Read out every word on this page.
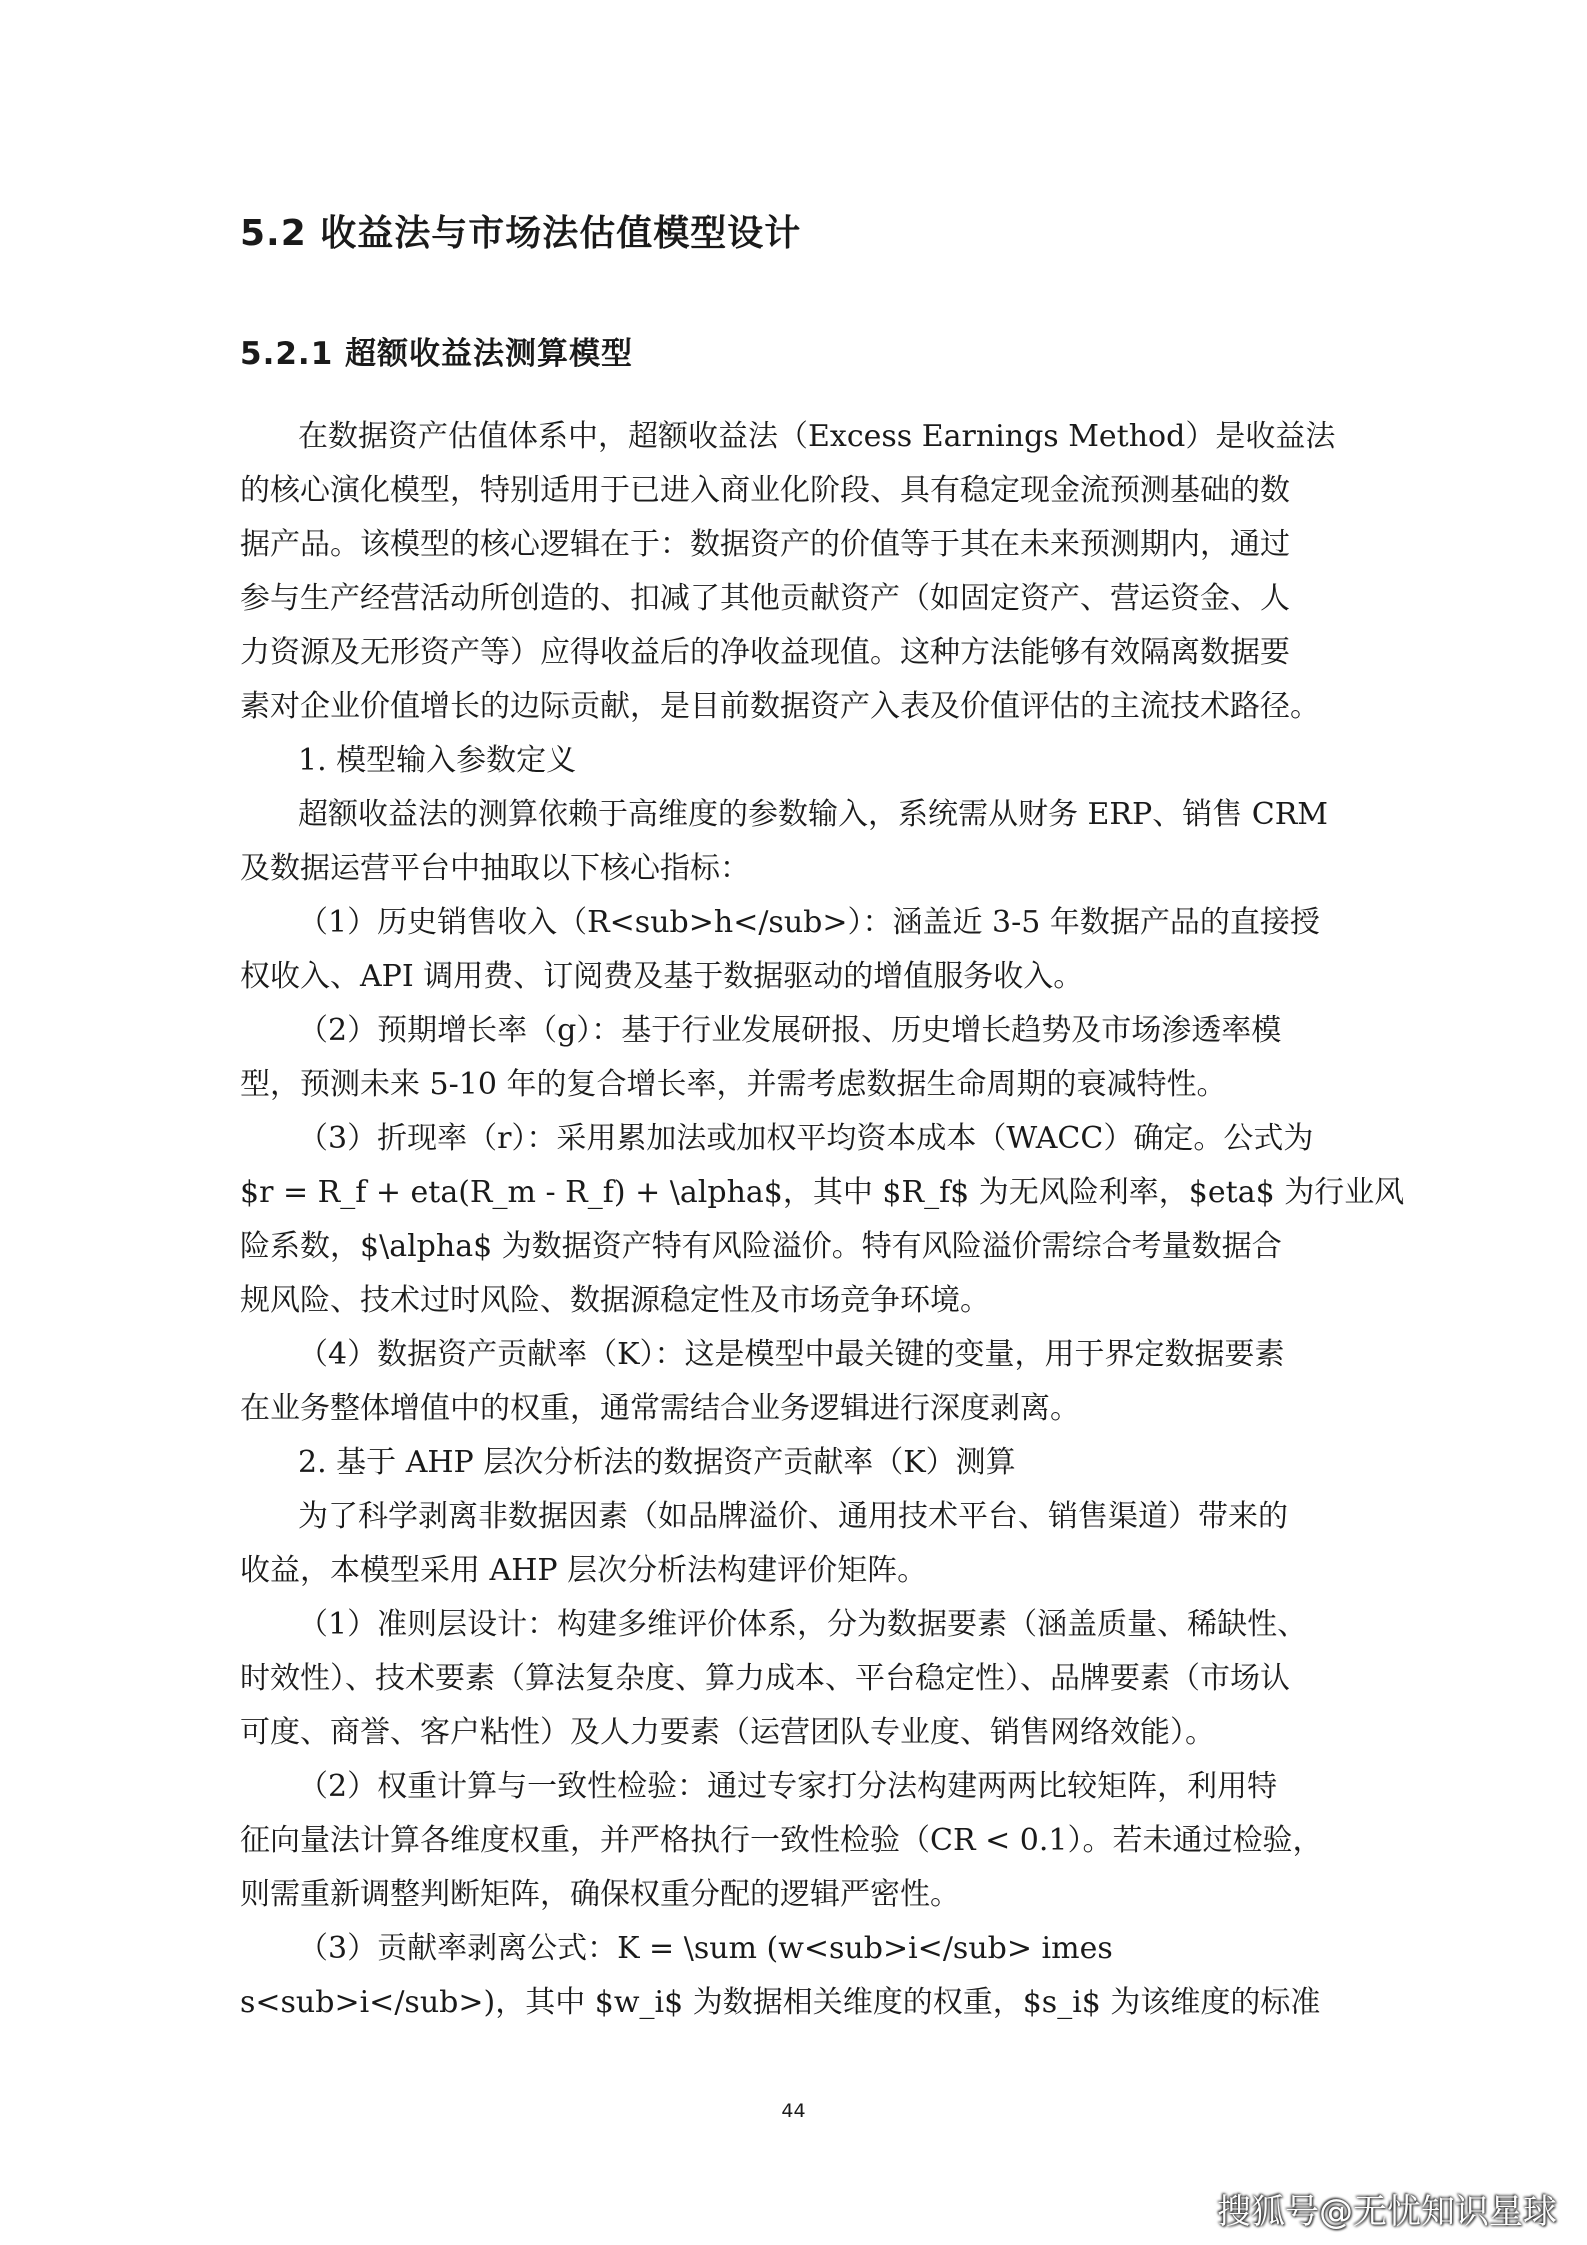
5.2 收益法与市场法估值模型设计
5.2.1 超额收益法测算模型
在数据资产估值体系中，超额收益法（Excess Earnings Method）是收益法
的核心演化模型，特别适用于已进入商业化阶段、具有稳定现金流预测基础的数
据产品。该模型的核心逻辑在于：数据资产的价值等于其在未来预测期内，通过
参与生产经营活动所创造的、扣减了其他贡献资产（如固定资产、营运资金、人
力资源及无形资产等）应得收益后的净收益现值。这种方法能够有效隔离数据要
素对企业价值增长的边际贡献，是目前数据资产入表及价值评估的主流技术路径。
1. 模型输入参数定义
超额收益法的测算依赖于高维度的参数输入，系统需从财务 ERP、销售 CRM
及数据运营平台中抽取以下核心指标：
（1）历史销售收入（R<sub>h</sub>）：涵盖近 3-5 年数据产品的直接授
权收入、API 调用费、订阅费及基于数据驱动的增值服务收入。
（2）预期增长率（g）：基于行业发展研报、历史增长趋势及市场渗透率模
型，预测未来 5-10 年的复合增长率，并需考虑数据生命周期的衰减特性。
（3）折现率（r）：采用累加法或加权平均资本成本（WACC）确定。公式为
$r = R_f + eta(R_m - R_f) + \alpha$，其中 $R_f$ 为无风险利率，$eta$ 为行业风
险系数，$\alpha$ 为数据资产特有风险溢价。特有风险溢价需综合考量数据合
规风险、技术过时风险、数据源稳定性及市场竞争环境。
（4）数据资产贡献率（K）：这是模型中最关键的变量，用于界定数据要素
在业务整体增值中的权重，通常需结合业务逻辑进行深度剥离。
2. 基于 AHP 层次分析法的数据资产贡献率（K）测算
为了科学剥离非数据因素（如品牌溢价、通用技术平台、销售渠道）带来的
收益，本模型采用 AHP 层次分析法构建评价矩阵。
（1）准则层设计：构建多维评价体系，分为数据要素（涵盖质量、稀缺性、
时效性）、技术要素（算法复杂度、算力成本、平台稳定性）、品牌要素（市场认
可度、商誉、客户粘性）及人力要素（运营团队专业度、销售网络效能）。
（2）权重计算与一致性检验：通过专家打分法构建两两比较矩阵，利用特
征向量法计算各维度权重，并严格执行一致性检验（CR < 0.1）。若未通过检验，
则需重新调整判断矩阵，确保权重分配的逻辑严密性。
（3）贡献率剥离公式：K = \sum (w<sub>i</sub> imes
s<sub>i</sub>)，其中 $w_i$ 为数据相关维度的权重，$s_i$ 为该维度的标准
44
搜狐号@无忧知识星球
